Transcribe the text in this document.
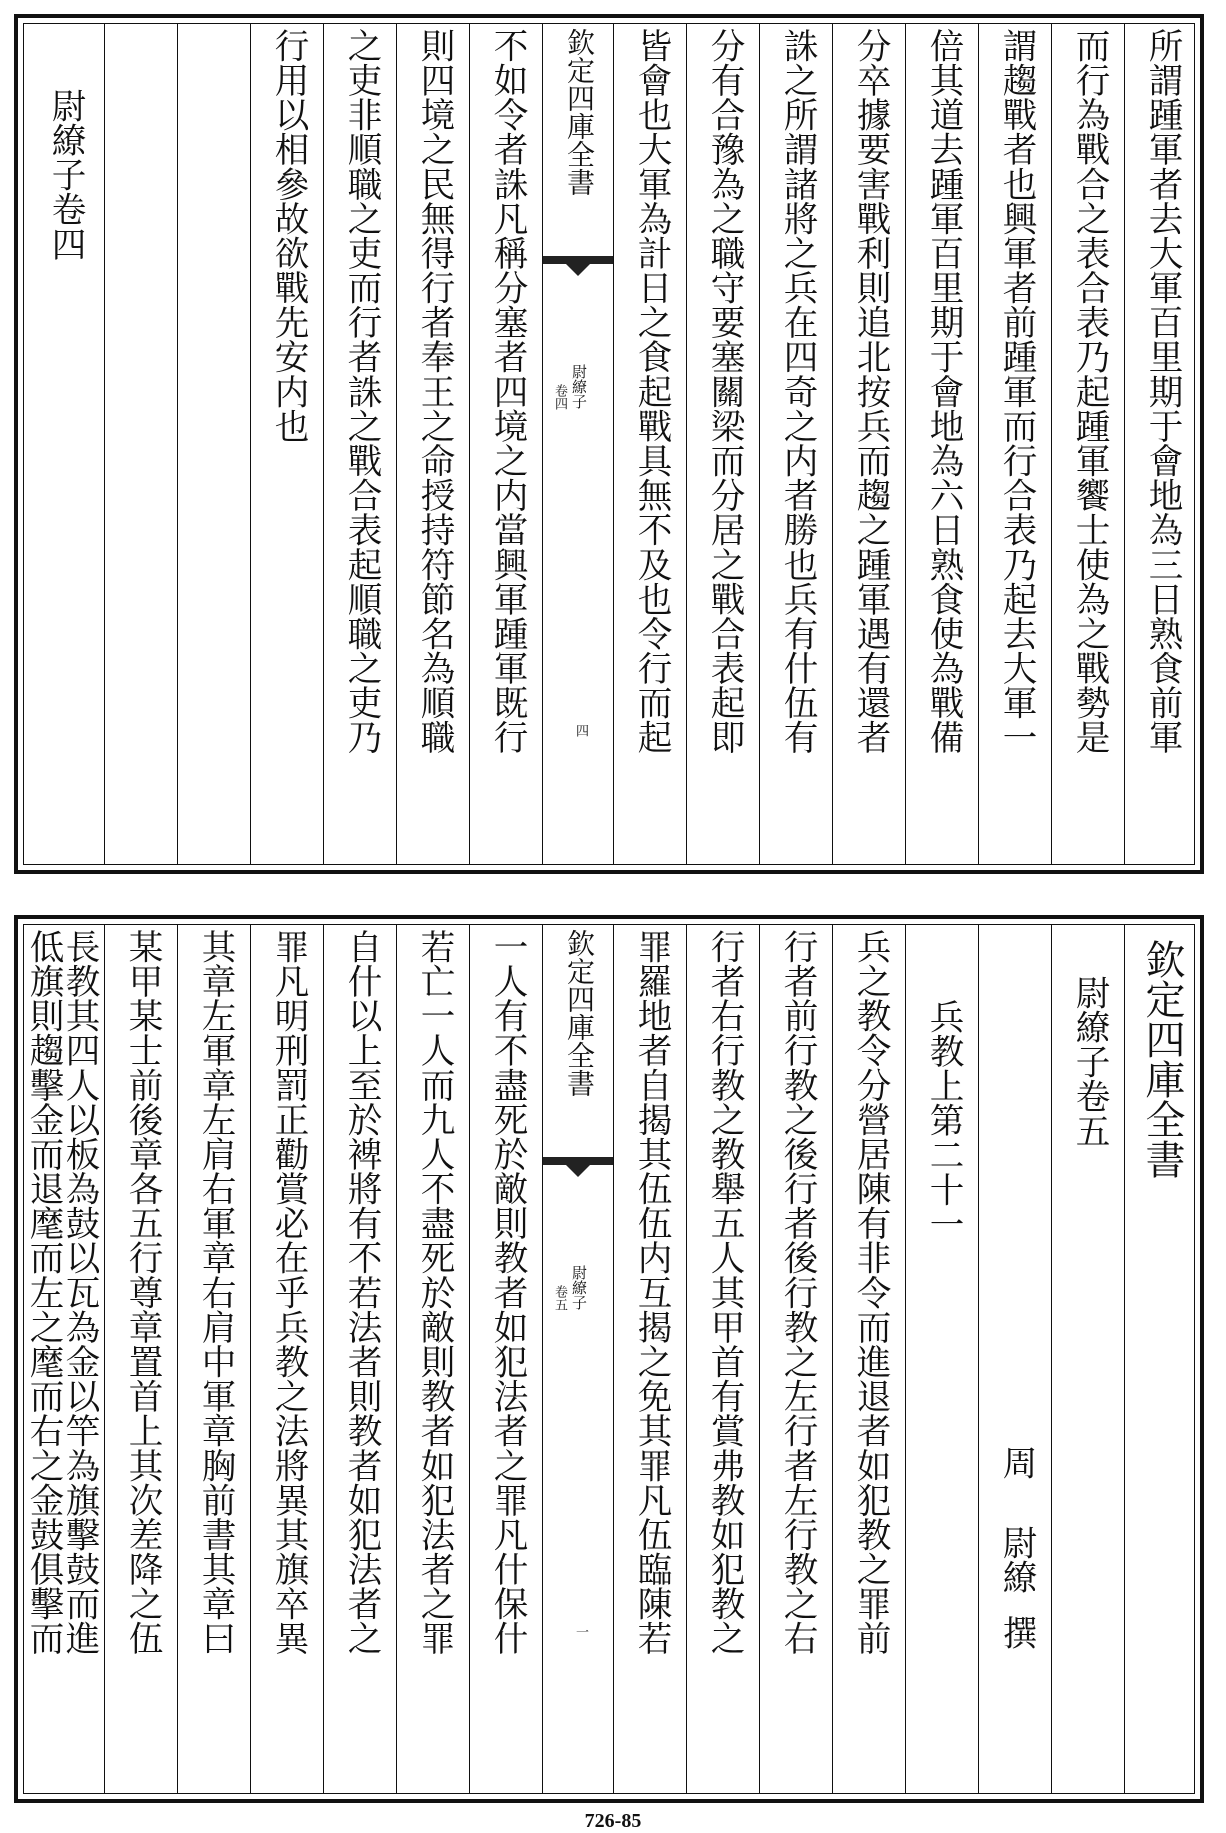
所謂踵軍者去大軍百里期于會地為三日熟食前軍
而行為戰合之表合表乃起踵軍饗士使為之戰勢是
謂趨戰者也興軍者前踵軍而行合表乃起去大軍一
倍其道去踵軍百里期于會地為六日熟食使為戰備
分卒據要害戰利則追北按兵而趨之踵軍遇有還者
誅之所謂諸將之兵在四奇之内者勝也兵有什伍有
分有合豫為之職守要塞關梁而分居之戰合表起即
皆會也大軍為計日之食起戰具無不及也令行而起
欽定四庫全書
尉繚子
卷四
四
不如令者誅凡稱分塞者四境之内當興軍踵軍既行
則四境之民無得行者奉王之命授持符節名為順職
之吏非順職之吏而行者誅之戰合表起順職之吏乃
行用以相參故欲戰先安内也
尉繚子卷四
欽定四庫全書
尉繚子卷五
周
尉繚
撰
兵教上第二十一
兵之教令分營居陳有非令而進退者如犯教之罪前
行者前行教之後行者後行教之左行者左行教之右
行者右行教之教舉五人其甲首有賞弗教如犯教之
罪羅地者自揭其伍伍内互揭之免其罪凡伍臨陳若
欽定四庫全書
尉繚子
卷五
一
一人有不盡死於敵則教者如犯法者之罪凡什保什
若亡一人而九人不盡死於敵則教者如犯法者之罪
自什以上至於裨將有不若法者則教者如犯法者之
罪凡明刑罰正勸賞必在乎兵教之法將異其旗卒異
其章左軍章左肩右軍章右肩中軍章胸前書其章曰
某甲某士前後章各五行尊章置首上其次差降之伍
長教其四人以板為鼓以瓦為金以竿為旗擊鼓而進
低旗則趨擊金而退麾而左之麾而右之金鼓俱擊而
726-85
